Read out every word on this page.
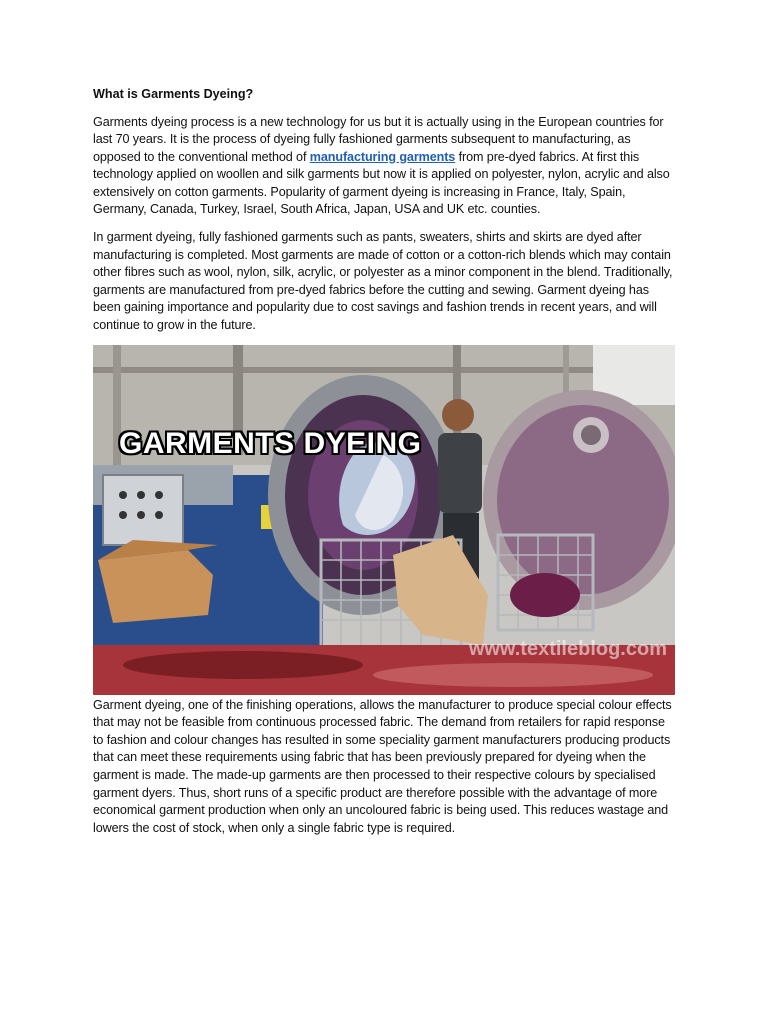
What is Garments Dyeing?

Garments dyeing process is a new technology for us but it is actually using in the European countries for last 70 years. It is the process of dyeing fully fashioned garments subsequent to manufacturing, as opposed to the conventional method of manufacturing garments from pre-dyed fabrics. At first this technology applied on woollen and silk garments but now it is applied on polyester, nylon, acrylic and also extensively on cotton garments. Popularity of garment dyeing is increasing in France, Italy, Spain, Germany, Canada, Turkey, Israel, South Africa, Japan, USA and UK etc. counties.

In garment dyeing, fully fashioned garments such as pants, sweaters, shirts and skirts are dyed after manufacturing is completed. Most garments are made of cotton or a cotton-rich blends which may contain other fibres such as wool, nylon, silk, acrylic, or polyester as a minor component in the blend. Traditionally, garments are manufactured from pre-dyed fabrics before the cutting and sewing. Garment dyeing has been gaining importance and popularity due to cost savings and fashion trends in recent years, and will continue to grow in the future.

GARMENTS DYEING
www.textileblog.com

Garment dyeing, one of the finishing operations, allows the manufacturer to produce special colour effects that may not be feasible from continuous processed fabric. The demand from retailers for rapid response to fashion and colour changes has resulted in some speciality garment manufacturers producing products that can meet these requirements using fabric that has been previously prepared for dyeing when the garment is made. The made-up garments are then processed to their respective colours by specialised garment dyers. Thus, short runs of a specific product are therefore possible with the advantage of more economical garment production when only an uncoloured fabric is being used. This reduces wastage and lowers the cost of stock, when only a single fabric type is required.
